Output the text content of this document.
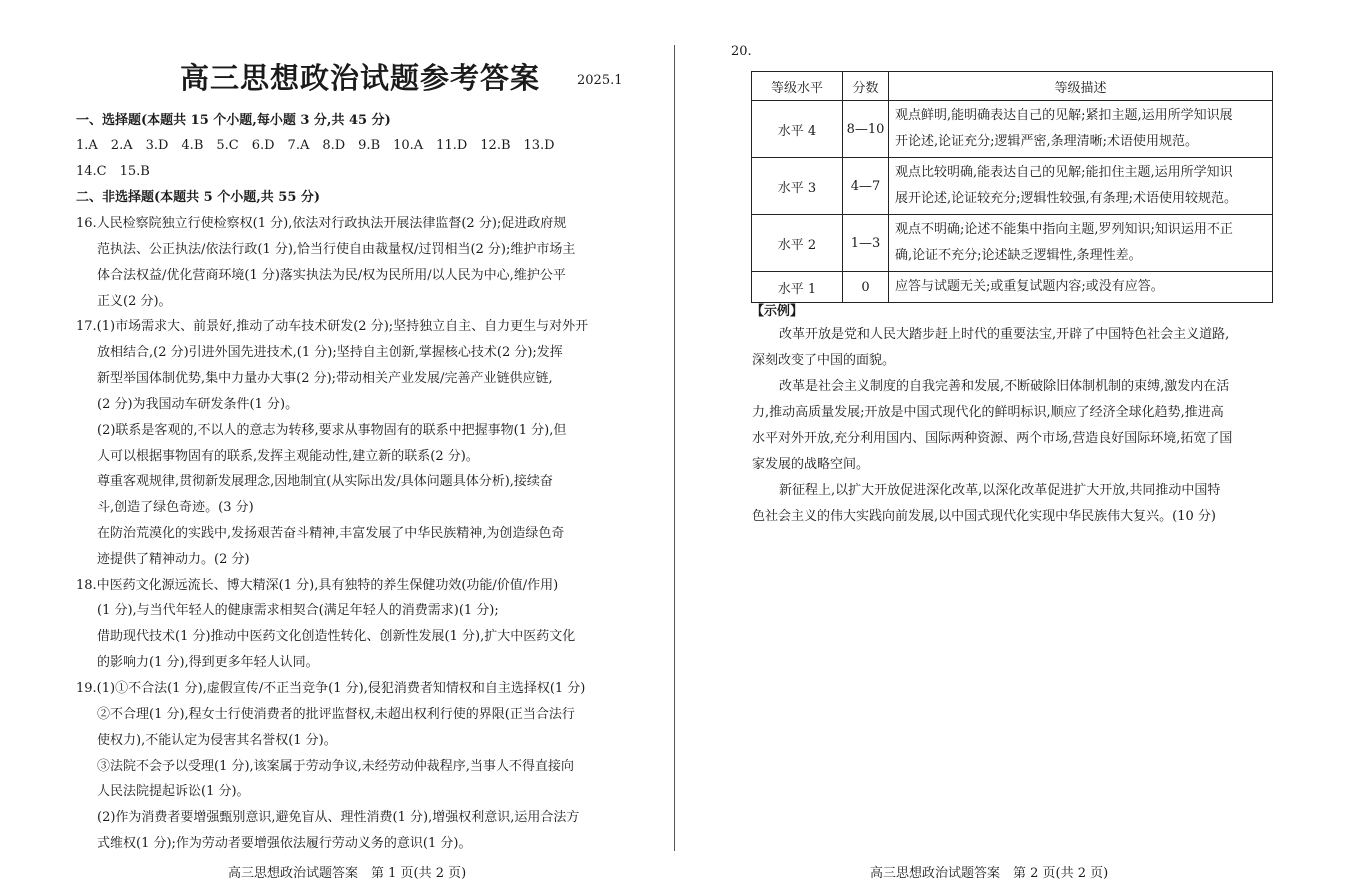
高三思想政治试题参考答案	2025.1
一、选择题(本题共 15 个小题,每小题 3 分,共 45 分)
1.A　2.A　3.D　4.B　5.C　6.D　7.A　8.D　9.B　10.A　11.D　12.B　13.D
14.C　15.B
二、非选择题(本题共 5 个小题,共 55 分)
16.人民检察院独立行使检察权(1 分),依法对行政执法开展法律监督(2 分);促进政府规
范执法、公正执法/依法行政(1 分),恰当行使自由裁量权/过罚相当(2 分);维护市场主
体合法权益/优化营商环境(1 分)落实执法为民/权为民所用/以人民为中心,维护公平
正义(2 分)。
17.(1)市场需求大、前景好,推动了动车技术研发(2 分);坚持独立自主、自力更生与对外开
放相结合,(2 分)引进外国先进技术,(1 分);坚持自主创新,掌握核心技术(2 分);发挥
新型举国体制优势,集中力量办大事(2 分);带动相关产业发展/完善产业链供应链,
(2 分)为我国动车研发条件(1 分)。
(2)联系是客观的,不以人的意志为转移,要求从事物固有的联系中把握事物(1 分),但
人可以根据事物固有的联系,发挥主观能动性,建立新的联系(2 分)。
尊重客观规律,贯彻新发展理念,因地制宜(从实际出发/具体问题具体分析),接续奋
斗,创造了绿色奇迹。(3 分)
在防治荒漠化的实践中,发扬艰苦奋斗精神,丰富发展了中华民族精神,为创造绿色奇
迹提供了精神动力。(2 分)
18.中医药文化源远流长、博大精深(1 分),具有独特的养生保健功效(功能/价值/作用)
(1 分),与当代年轻人的健康需求相契合(满足年轻人的消费需求)(1 分);
借助现代技术(1 分)推动中医药文化创造性转化、创新性发展(1 分),扩大中医药文化
的影响力(1 分),得到更多年轻人认同。
19.(1)①不合法(1 分),虚假宣传/不正当竞争(1 分),侵犯消费者知情权和自主选择权(1 分)
②不合理(1 分),程女士行使消费者的批评监督权,未超出权利行使的界限(正当合法行
使权力),不能认定为侵害其名誉权(1 分)。
③法院不会予以受理(1 分),该案属于劳动争议,未经劳动仲裁程序,当事人不得直接向
人民法院提起诉讼(1 分)。
(2)作为消费者要增强甄别意识,避免盲从、理性消费(1 分),增强权利意识,运用合法方
式维权(1 分);作为劳动者要增强依法履行劳动义务的意识(1 分)。
高三思想政治试题答案　第 1 页(共 2 页)
20.
等级水平	分数	等级描述
水平 4	8—10	观点鲜明,能明确表达自己的见解;紧扣主题,运用所学知识展
开论述,论证充分;逻辑严密,条理清晰;术语使用规范。

水平 3	4—7	观点比较明确,能表达自己的见解;能扣住主题,运用所学知识
展开论述,论证较充分;逻辑性较强,有条理;术语使用较规范。

水平 2	1—3	观点不明确;论述不能集中指向主题,罗列知识;知识运用不正
确,论证不充分;论述缺乏逻辑性,条理性差。

水平 1	0	应答与试题无关;或重复试题内容;或没有应答。
【示例】
改革开放是党和人民大踏步赶上时代的重要法宝,开辟了中国特色社会主义道路,
深刻改变了中国的面貌。
改革是社会主义制度的自我完善和发展,不断破除旧体制机制的束缚,激发内在活
力,推动高质量发展;开放是中国式现代化的鲜明标识,顺应了经济全球化趋势,推进高
水平对外开放,充分利用国内、国际两种资源、两个市场,营造良好国际环境,拓宽了国
家发展的战略空间。
新征程上,以扩大开放促进深化改革,以深化改革促进扩大开放,共同推动中国特
色社会主义的伟大实践向前发展,以中国式现代化实现中华民族伟大复兴。(10 分)
高三思想政治试题答案　第 2 页(共 2 页)
